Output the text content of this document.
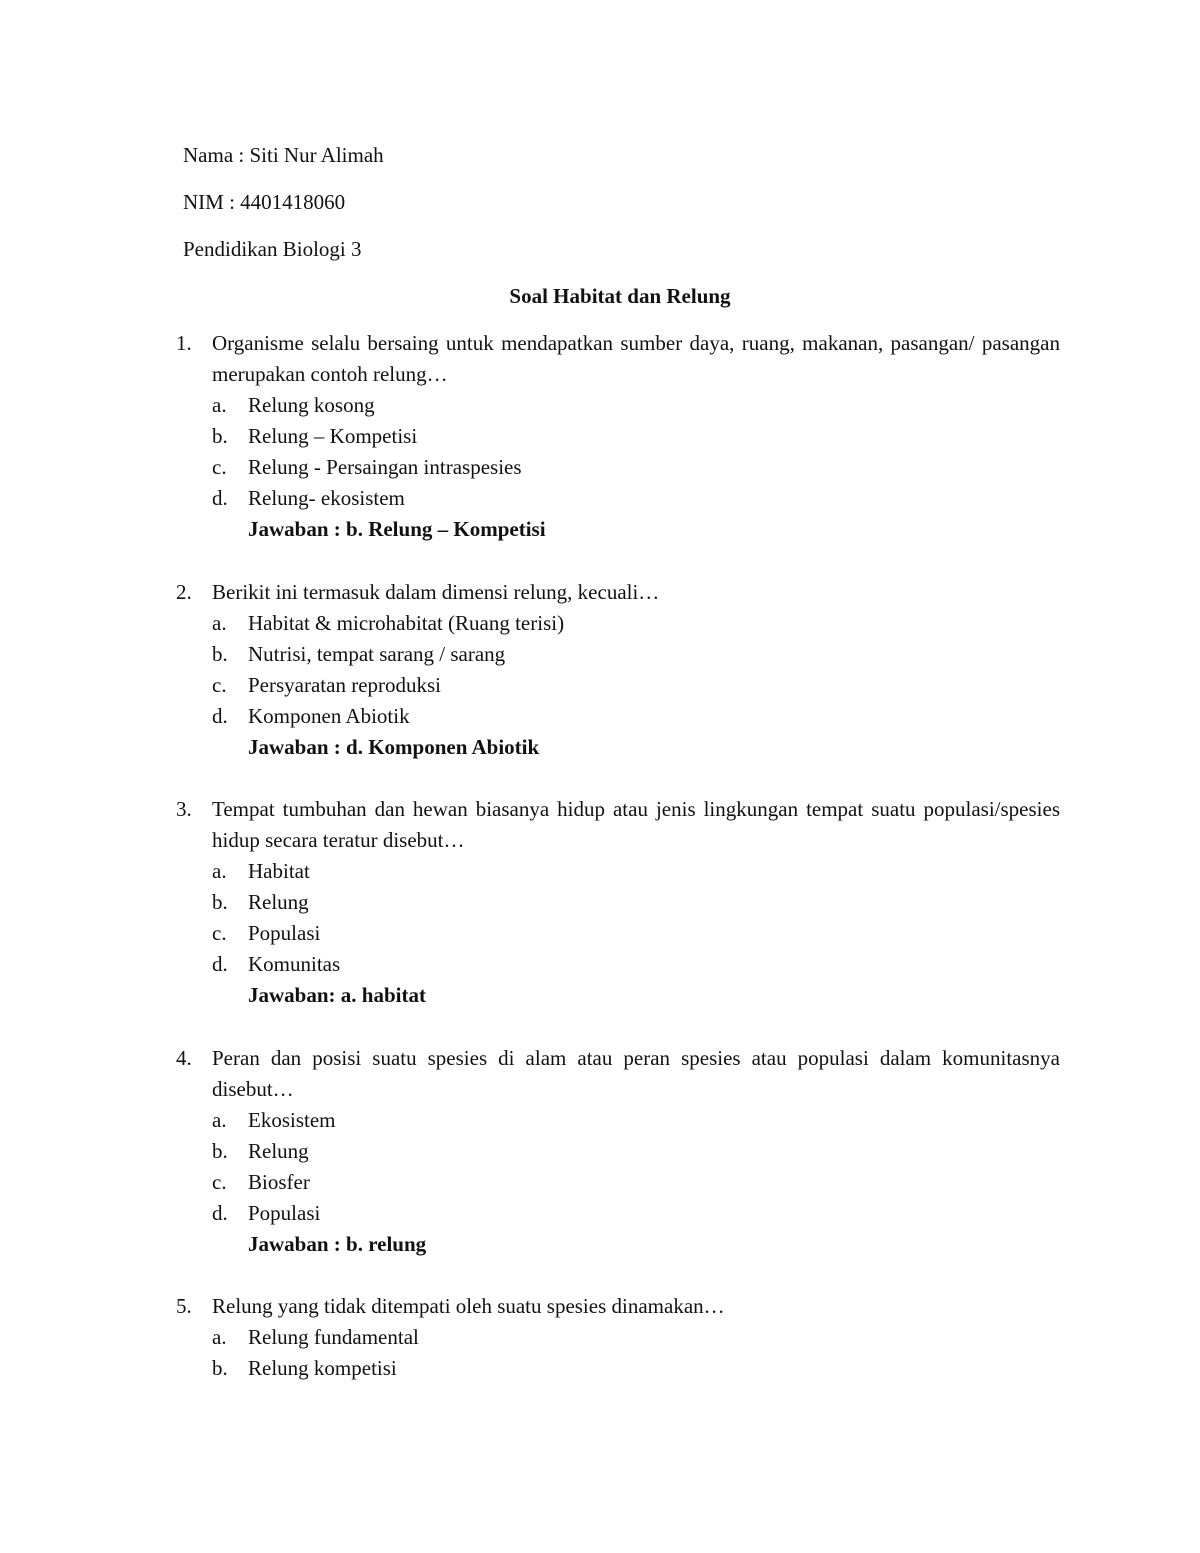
Nama : Siti Nur Alimah
NIM : 4401418060
Pendidikan Biologi 3
Soal Habitat dan Relung
1. Organisme selalu bersaing untuk mendapatkan sumber daya, ruang, makanan, pasangan/ pasangan merupakan contoh relung…
a. Relung kosong
b. Relung – Kompetisi
c. Relung - Persaingan intraspesies
d. Relung- ekosistem
Jawaban : b. Relung – Kompetisi
2. Berikit ini termasuk dalam dimensi relung, kecuali…
a. Habitat & microhabitat (Ruang terisi)
b. Nutrisi, tempat sarang / sarang
c. Persyaratan reproduksi
d. Komponen Abiotik
Jawaban : d. Komponen Abiotik
3. Tempat tumbuhan dan hewan biasanya hidup atau jenis lingkungan tempat suatu populasi/spesies hidup secara teratur disebut…
a. Habitat
b. Relung
c. Populasi
d. Komunitas
Jawaban: a. habitat
4. Peran dan posisi suatu spesies di alam atau peran spesies atau populasi dalam komunitasnya disebut…
a. Ekosistem
b. Relung
c. Biosfer
d. Populasi
Jawaban : b. relung
5. Relung yang tidak ditempati oleh suatu spesies dinamakan…
a. Relung fundamental
b. Relung kompetisi
